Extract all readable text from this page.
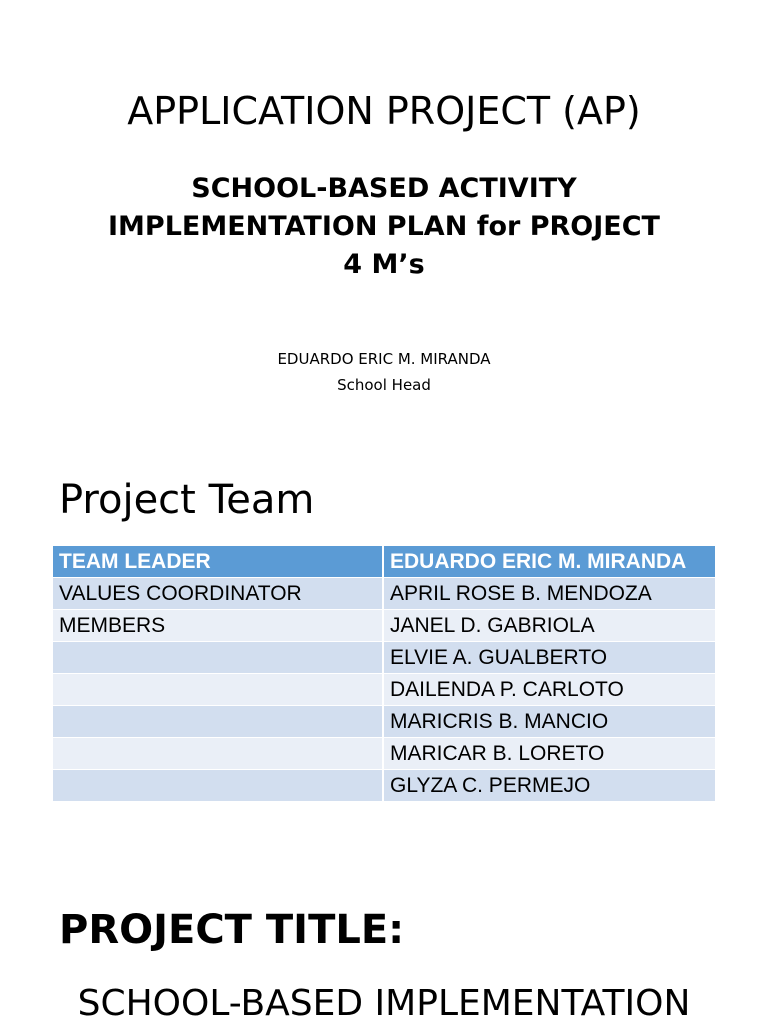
APPLICATION PROJECT (AP)
SCHOOL-BASED ACTIVITY
IMPLEMENTATION PLAN for PROJECT
4 M’s
EDUARDO ERIC M. MIRANDA
School Head
Project Team
TEAM LEADER	EDUARDO ERIC M. MIRANDA
VALUES COORDINATOR	APRIL ROSE B. MENDOZA
MEMBERS	JANEL D. GABRIOLA
	ELVIE A. GUALBERTO
	DAILENDA P. CARLOTO
	MARICRIS B. MANCIO
	MARICAR B. LORETO
	GLYZA C. PERMEJO
PROJECT TITLE:
SCHOOL-BASED IMPLEMENTATION
